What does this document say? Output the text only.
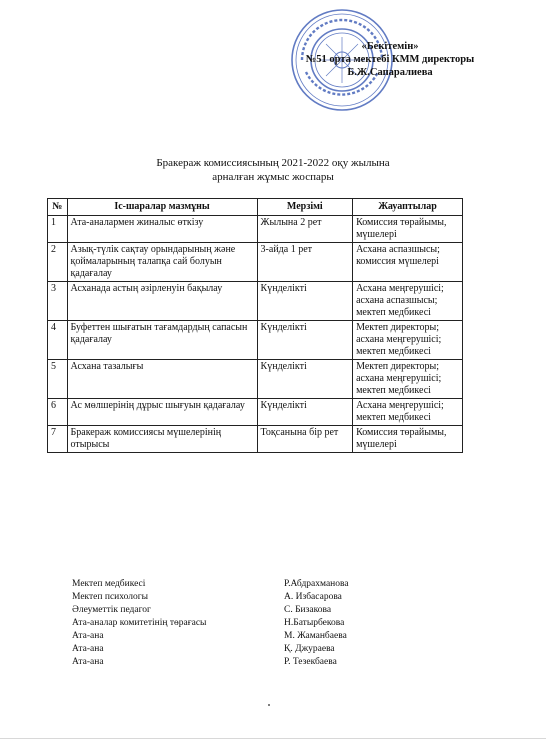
«Бекітемін»
№51 орта мектебі КММ директоры
Б.Ж.Сапаралиева
Бракераж комиссиясының 2021-2022 оқу жылына
арналған жұмыс жоспары
№	Іс-шаралар мазмұны	Мерзімі	Жауаптылар
1	Ата-аналармен жиналыс өткізу	Жылына 2 рет	Комиссия төрайымы, мүшелері
2	Азық-түлік сақтау орындарының және қоймаларының талапқа сай болуын қадағалау	3-айда 1 рет	Асхана аспазшысы; комиссия мүшелері
3	Асханада астың әзірленуін бақылау	Күнделікті	Асхана меңгерушісі; асхана аспазшысы; мектеп медбикесі
4	Буфеттен шығатын тағамдардың сапасын қадағалау	Күнделікті	Мектеп директоры; асхана меңгерушісі; мектеп медбикесі
5	Асхана тазалығы	Күнделікті	Мектеп директоры; асхана меңгерушісі; мектеп медбикесі
6	Ас мөлшерінің дұрыс шығуын қадағалау	Күнделікті	Асхана меңгерушісі; мектеп медбикесі
7	Бракераж комиссиясы мүшелерінің отырысы	Тоқсанына бір рет	Комиссия төрайымы, мүшелері
Мектеп медбикесі	Р.Абдрахманова
Мектеп психологы	А. Избасарова
Әлеуметтік педагог	С. Бизакова
Ата-аналар комитетінің төрағасы	Н.Батырбекова
Ата-ана	М. Жаманбаева
Ата-ана	Қ. Джураева
Ата-ана	Р. Тезекбаева
